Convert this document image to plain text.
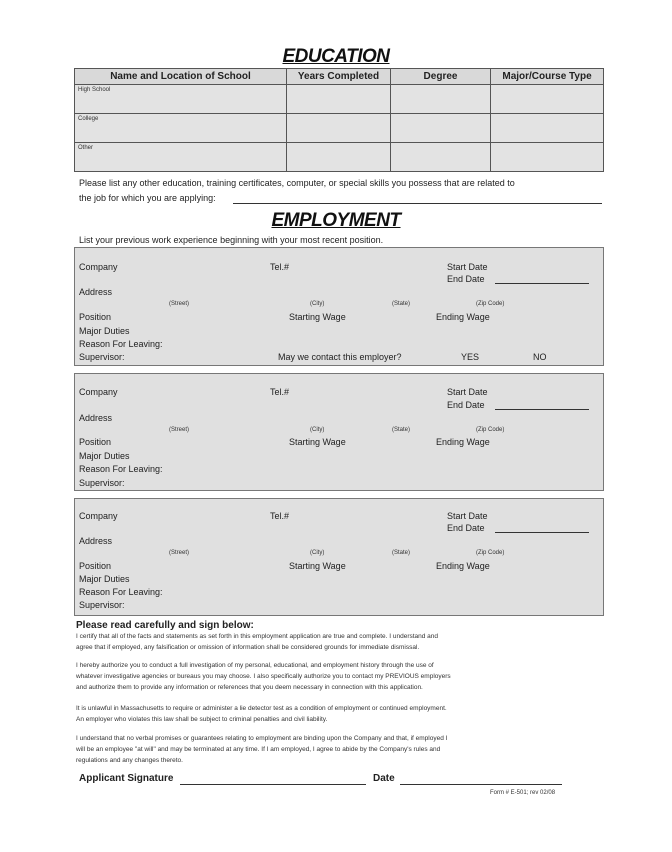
EDUCATION
Name and Location of School	Years Completed	Degree	Major/Course Type
High School			
College			
Other			
Please list any other education, training certificates, computer, or special skills you possess that are related to
the job for which you are applying:
EMPLOYMENT
List your previous work experience beginning with your most recent position.
Company	Tel.#	Start Date
End Date
Address
(Street)	(City)	(State)	(Zip Code)
Position	Starting Wage	Ending Wage
Major Duties
Reason For Leaving:
Supervisor:	May we contact this employer?	YES	NO
Company	Tel.#	Start Date
End Date
Address
(Street)	(City)	(State)	(Zip Code)
Position	Starting Wage	Ending Wage
Major Duties
Reason For Leaving:
Supervisor:
Company	Tel.#	Start Date
End Date
Address
(Street)	(City)	(State)	(Zip Code)
Position	Starting Wage	Ending Wage
Major Duties
Reason For Leaving:
Supervisor:
Please read carefully and sign below:
I certify that all of the facts and statements as set forth in this employment application are true and complete. I understand and
agree that if employed, any falsification or omission of information shall be considered grounds for immediate dismissal.
I hereby authorize you to conduct a full investigation of my personal, educational, and employment history through the use of
whatever investigative agencies or bureaus you may choose. I also specifically authorize you to contact my PREVIOUS employers
and authorize them to provide any information or references that you deem necessary in connection with this application.
It is unlawful in Massachusetts to require or administer a lie detector test as a condition of employment or continued employment.
An employer who violates this law shall be subject to criminal penalties and civil liability.
I understand that no verbal promises or guarantees relating to employment are binding upon the Company and that, if employed I
will be an employee "at will" and may be terminated at any time. If I am employed, I agree to abide by the Company's rules and
regulations and any changes thereto.
Applicant Signature	Date
Form # E-501; rev 02/08
